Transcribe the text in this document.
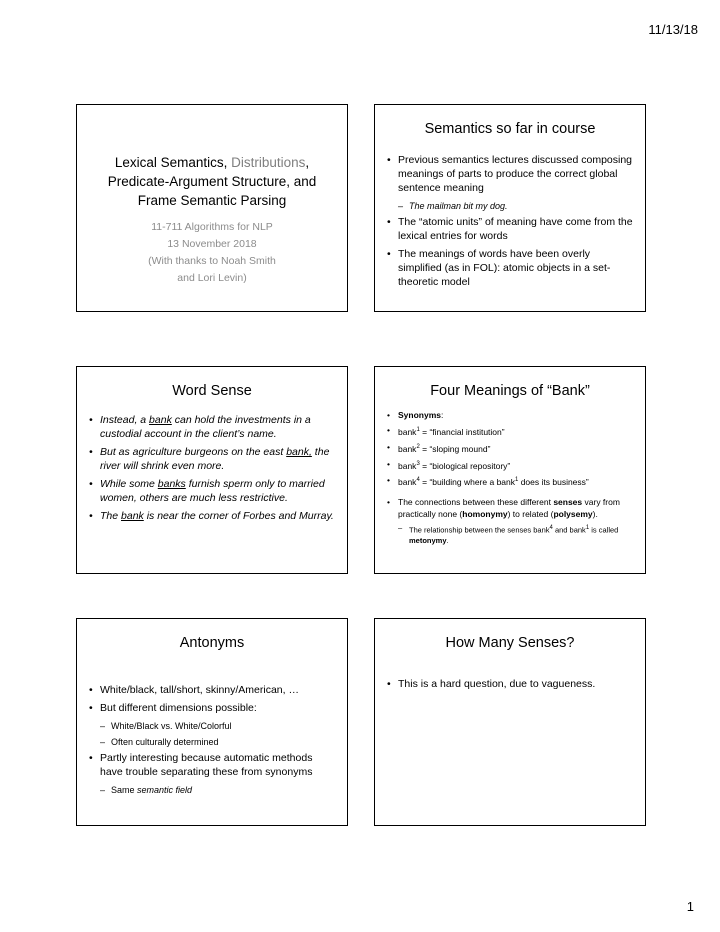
11/13/18
Lexical Semantics, Distributions,
Predicate-Argument Structure, and
Frame Semantic Parsing
11-711 Algorithms for NLP
13 November 2018
(With thanks to Noah Smith
and Lori Levin)
Semantics so far in course
• Previous semantics lectures discussed composing meanings of parts to produce the correct global sentence meaning
– The mailman bit my dog.
• The “atomic units” of meaning have come from the lexical entries for words
• The meanings of words have been overly simplified (as in FOL): atomic objects in a set-theoretic model
Word Sense
• Instead, a bank can hold the investments in a custodial account in the client’s name.
• But as agriculture burgeons on the east bank, the river will shrink even more.
• While some banks furnish sperm only to married women, others are much less restrictive.
• The bank is near the corner of Forbes and Murray.
Four Meanings of “Bank”
• Synonyms:
• bank$^1$ = “financial institution”
• bank$^2$ = “sloping mound”
• bank$^3$ = “biological repository”
• bank$^4$ = “building where a bank$^1$ does its business”
• The connections between these different senses vary from practically none (homonymy) to related (polysemy).
– The relationship between the senses bank$^4$ and bank$^1$ is called metonymy.
Antonyms
• White/black, tall/short, skinny/American, …
• But different dimensions possible:
– White/Black vs. White/Colorful
– Often culturally determined
• Partly interesting because automatic methods have trouble separating these from synonyms
– Same semantic field
How Many Senses?
• This is a hard question, due to vagueness.
1
